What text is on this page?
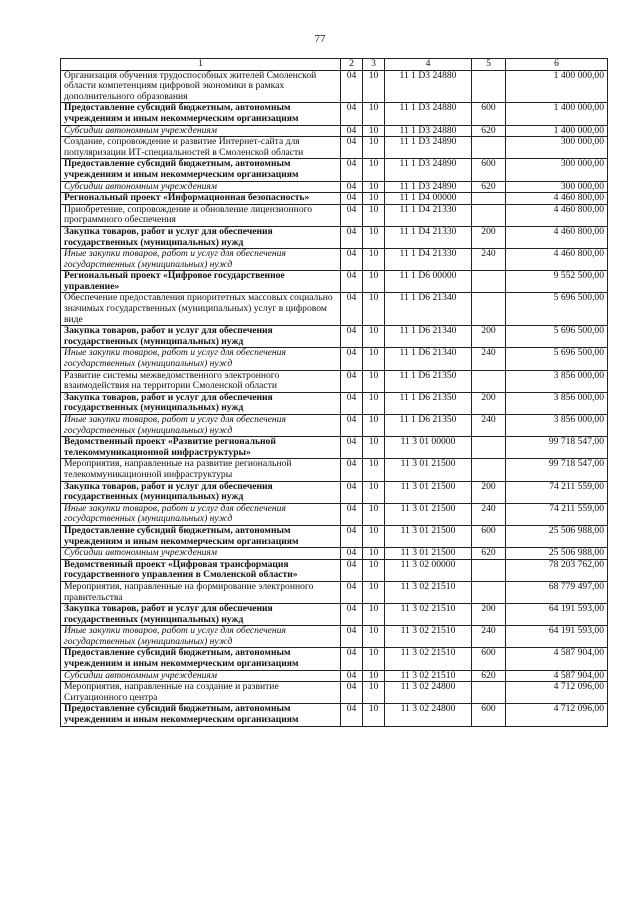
77
1	2	3	4	5	6
Организация обучения трудоспособных жителей Смоленской области компетенциям цифровой экономики в рамках дополнительного образования	04	10	11 1 D3 24880		1 400 000,00
Предоставление субсидий бюджетным, автономным учреждениям и иным некоммерческим организациям	04	10	11 1 D3 24880	600	1 400 000,00
Субсидии автономным учреждениям	04	10	11 1 D3 24880	620	1 400 000,00
Создание, сопровождение и развитие Интернет-сайта для популяризации ИТ-специальностей в Смоленской области	04	10	11 1 D3 24890		300 000,00
Предоставление субсидий бюджетным, автономным учреждениям и иным некоммерческим организациям	04	10	11 1 D3 24890	600	300 000,00
Субсидии автономным учреждениям	04	10	11 1 D3 24890	620	300 000,00
Региональный проект «Информационная безопасность»	04	10	11 1 D4 00000		4 460 800,00
Приобретение, сопровождение и обновление лицензионного программного обеспечения	04	10	11 1 D4 21330		4 460 800,00
Закупка товаров, работ и услуг для обеспечения государственных (муниципальных) нужд	04	10	11 1 D4 21330	200	4 460 800,00
Иные закупки товаров, работ и услуг для обеспечения государственных (муниципальных) нужд	04	10	11 1 D4 21330	240	4 460 800,00
Региональный проект «Цифровое государственное управление»	04	10	11 1 D6 00000		9 552 500,00
Обеспечение предоставления приоритетных массовых социально значимых государственных (муниципальных) услуг в цифровом виде	04	10	11 1 D6 21340		5 696 500,00
Закупка товаров, работ и услуг для обеспечения государственных (муниципальных) нужд	04	10	11 1 D6 21340	200	5 696 500,00
Иные закупки товаров, работ и услуг для обеспечения государственных (муниципальных) нужд	04	10	11 1 D6 21340	240	5 696 500,00
Развитие системы межведомственного электронного взаимодействия на территории Смоленской области	04	10	11 1 D6 21350		3 856 000,00
Закупка товаров, работ и услуг для обеспечения государственных (муниципальных) нужд	04	10	11 1 D6 21350	200	3 856 000,00
Иные закупки товаров, работ и услуг для обеспечения государственных (муниципальных) нужд	04	10	11 1 D6 21350	240	3 856 000,00
Ведомственный проект «Развитие региональной телекоммуникационной инфраструктуры»	04	10	11 3 01 00000		99 718 547,00
Мероприятия, направленные на развитие региональной телекоммуникационной инфраструктуры	04	10	11 3 01 21500		99 718 547,00
Закупка товаров, работ и услуг для обеспечения государственных (муниципальных) нужд	04	10	11 3 01 21500	200	74 211 559,00
Иные закупки товаров, работ и услуг для обеспечения государственных (муниципальных) нужд	04	10	11 3 01 21500	240	74 211 559,00
Предоставление субсидий бюджетным, автономным учреждениям и иным некоммерческим организациям	04	10	11 3 01 21500	600	25 506 988,00
Субсидии автономным учреждениям	04	10	11 3 01 21500	620	25 506 988,00
Ведомственный проект «Цифровая трансформация государственного управления в Смоленской области»	04	10	11 3 02 00000		78 203 762,00
Мероприятия, направленные на формирование электронного правительства	04	10	11 3 02 21510		68 779 497,00
Закупка товаров, работ и услуг для обеспечения государственных (муниципальных) нужд	04	10	11 3 02 21510	200	64 191 593,00
Иные закупки товаров, работ и услуг для обеспечения государственных (муниципальных) нужд	04	10	11 3 02 21510	240	64 191 593,00
Предоставление субсидий бюджетным, автономным учреждениям и иным некоммерческим организациям	04	10	11 3 02 21510	600	4 587 904,00
Субсидии автономным учреждениям	04	10	11 3 02 21510	620	4 587 904,00
Мероприятия, направленные на создание и развитие Ситуационного центра	04	10	11 3 02 24800		4 712 096,00
Предоставление субсидий бюджетным, автономным учреждениям и иным некоммерческим организациям	04	10	11 3 02 24800	600	4 712 096,00
